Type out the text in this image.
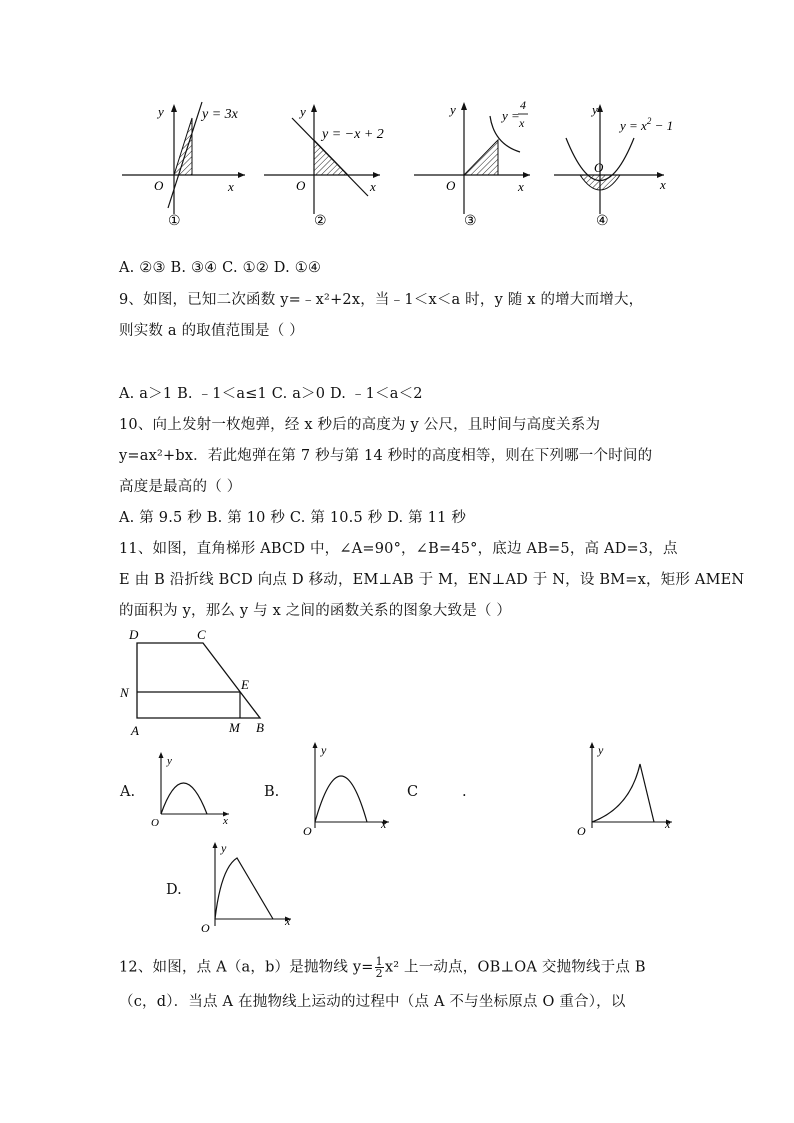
y = 3x
y
x
O
①
y = −x + 2
y
x
O
②
y =
4
x
y
x
O
③
$y = x^2 - 1$
y
x
O
④
A. ②③ B. ③④ C. ①② D. ①④
9、如图，已知二次函数 y=﹣x²+2x，当﹣1＜x＜a 时，y 随 x 的增大而增大，
则实数 a 的取值范围是（ ）
A. a＞1 B. ﹣1＜a≤1 C. a＞0 D. ﹣1＜a＜2
10、向上发射一枚炮弹，经 x 秒后的高度为 y 公尺，且时间与高度关系为
y=ax²+bx．若此炮弹在第 7 秒与第 14 秒时的高度相等，则在下列哪一个时间的
高度是最高的（ ）
A. 第 9.5 秒 B. 第 10 秒 C. 第 10.5 秒 D. 第 11 秒
11、如图，直角梯形 ABCD 中，∠A=90°，∠B=45°，底边 AB=5，高 AD=3，点
E 由 B 沿折线 BCD 向点 D 移动，EM⊥AB 于 M，EN⊥AD 于 N，设 BM=x，矩形 AMEN
的面积为 y，那么 y 与 x 之间的函数关系的图象大致是（ ）
D	C
N
E
A	M B
A.
y
x
O
B.
y
x
O
C	.
y
x
O
D.
y
x
O
12、如图，点 A（a，b）是抛物线 $y= \frac{1}{2} x^2$ 上一动点，OB⊥OA 交抛物线于点 B
（c，d）．当点 A 在抛物线上运动的过程中（点 A 不与坐标原点 O 重合），以
